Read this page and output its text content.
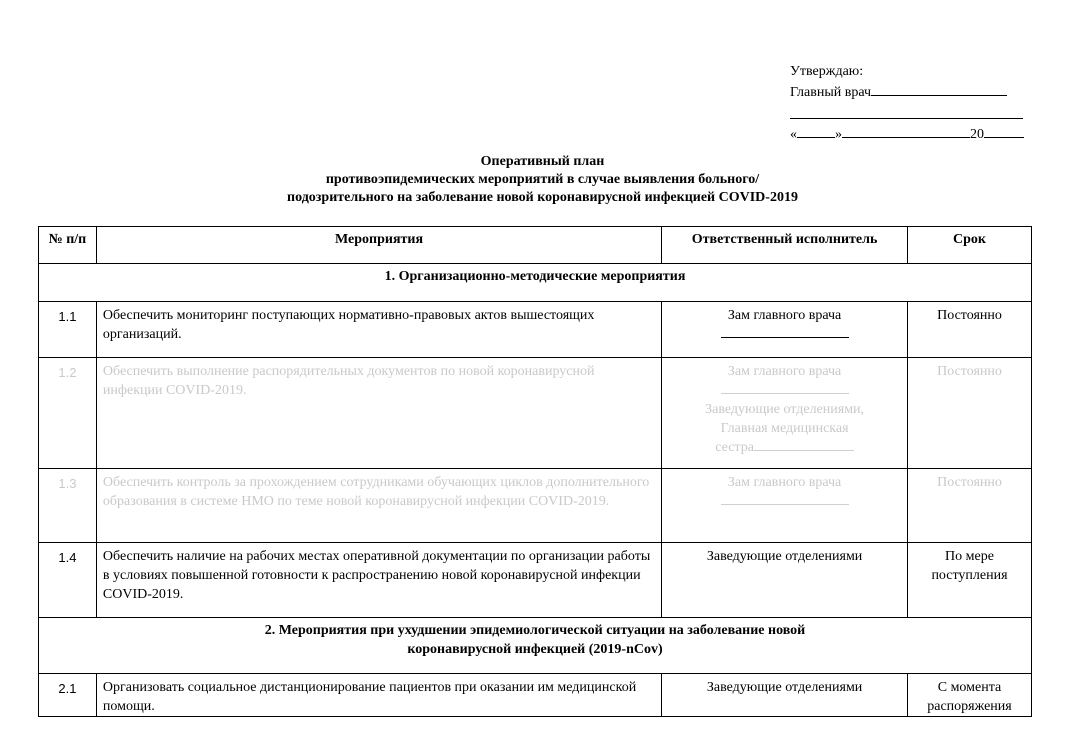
Утверждаю:
Главный врач
«	»	20
Оперативный план
противоэпидемических мероприятий в случае выявления больного/
подозрительного на заболевание новой коронавирусной инфекцией COVID-2019
№ п/п	Мероприятия	Ответственный исполнитель	Срок
1. Организационно-методические мероприятия			
1.1	Обеспечить мониторинг поступающих нормативно-правовых актов вышестоящих организаций.	Зам главного врача	Постоянно
1.2	Обеспечить выполнение распорядительных документов по новой коронавирусной инфекции COVID-2019.	Зам главного врача
Заведующие отделениями,
Главная медицинская
сестра	Постоянно
1.3	Обеспечить контроль за прохождением сотрудниками обучающих циклов дополнительного образования в системе НМО по теме новой коронавирусной инфекции COVID-2019.	Зам главного врача	Постоянно
1.4	Обеспечить наличие на рабочих местах оперативной документации по организации работы в условиях повышенной готовности к распространению новой коронавирусной инфекции COVID-2019.	Заведующие отделениями	По мере поступления

2. Мероприятия при ухудшении эпидемиологической ситуации на заболевание новой
коронавирусной инфекцией (2019-nCov)			

2.1	Организовать социальное дистанционирование пациентов при оказании им медицинской помощи.	Заведующие отделениями	С момента
распоряжения
